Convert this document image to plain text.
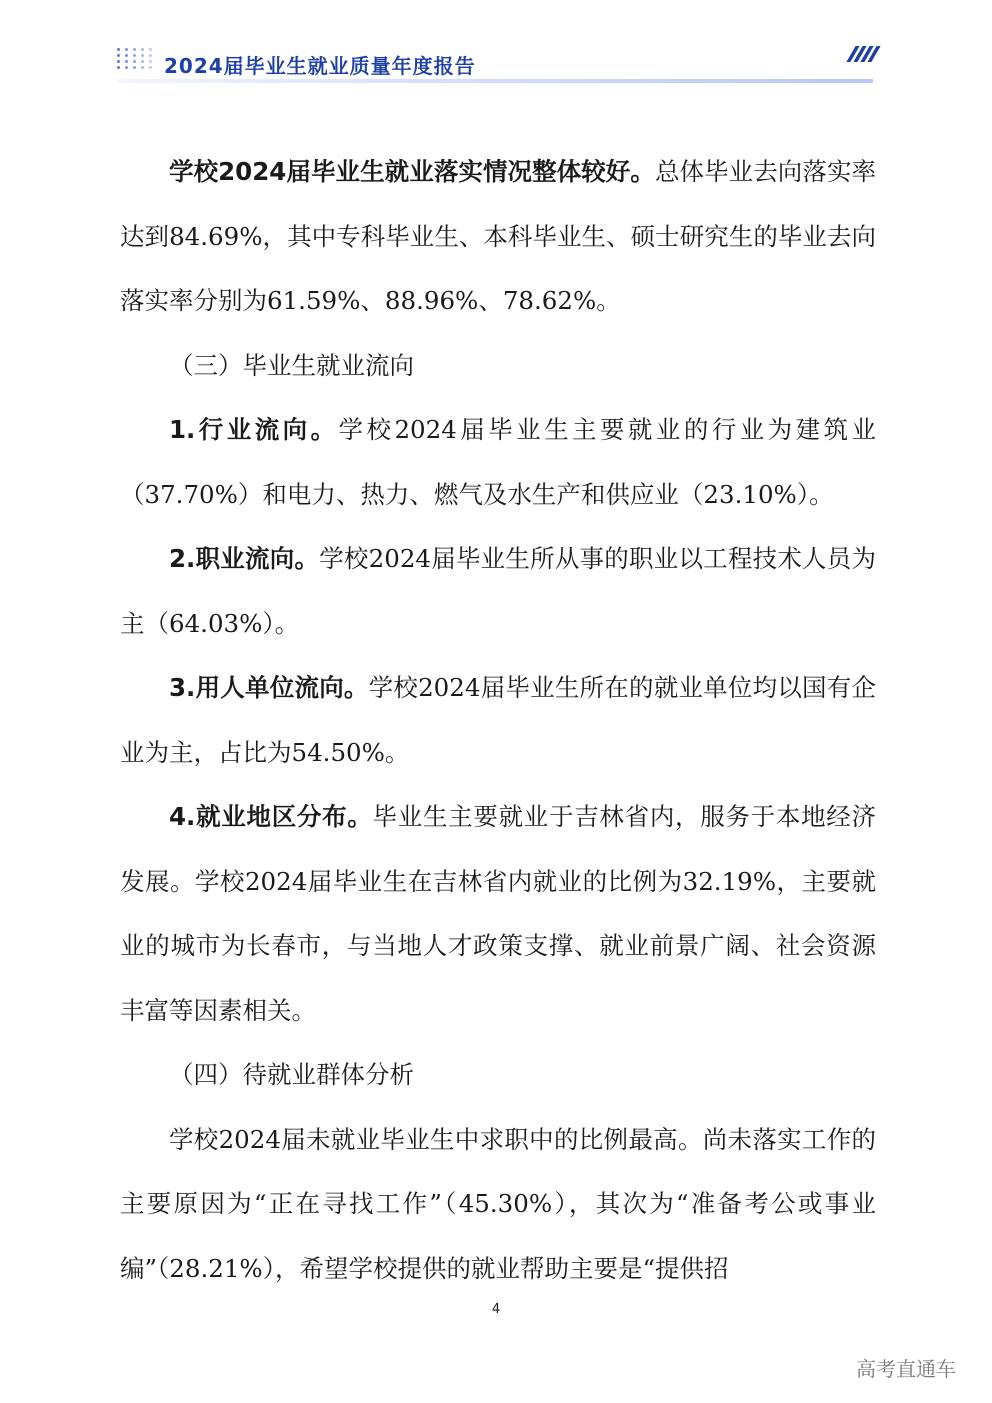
2024届毕业生就业质量年度报告

学校2024届毕业生就业落实情况整体较好。总体毕业去向落实率达到84.69%，其中专科毕业生、本科毕业生、硕士研究生的毕业去向落实率分别为61.59%、88.96%、78.62%。

（三）毕业生就业流向

1.行业流向。学校2024届毕业生主要就业的行业为建筑业（37.70%）和电力、热力、燃气及水生产和供应业（23.10%）。

2.职业流向。学校2024届毕业生所从事的职业以工程技术人员为主（64.03%）。

3.用人单位流向。学校2024届毕业生所在的就业单位均以国有企业为主，占比为54.50%。

4.就业地区分布。毕业生主要就业于吉林省内，服务于本地经济发展。学校2024届毕业生在吉林省内就业的比例为32.19%，主要就业的城市为长春市，与当地人才政策支撑、就业前景广阔、社会资源丰富等因素相关。

（四）待就业群体分析

学校2024届未就业毕业生中求职中的比例最高。尚未落实工作的主要原因为“正在寻找工作”（45.30%），其次为“准备考公或事业编”（28.21%），希望学校提供的就业帮助主要是“提供招

4
高考直通车
